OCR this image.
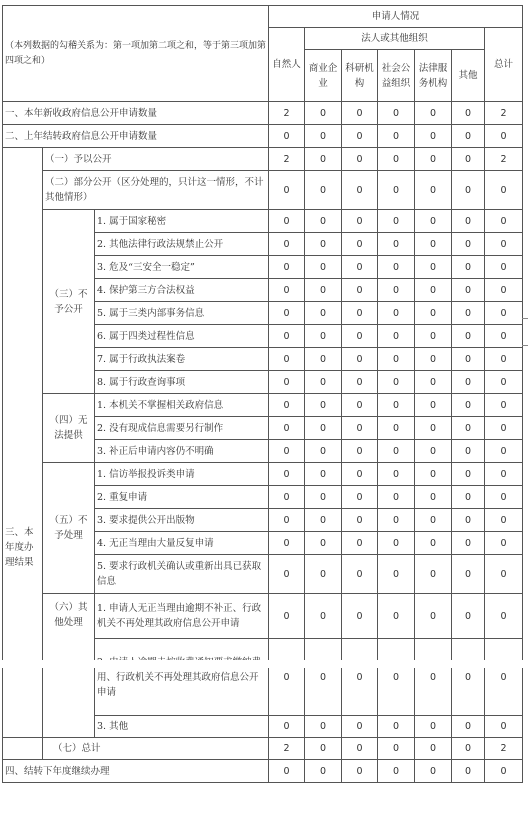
（本列数据的勾稽关系为：第一项加第二项之和，等于第三项加第四项之和）			申请人情况						
			自然人	法人或其他组织					总计
				商业企业	科研机构	社会公益组织	法律服务机构	其他	
一、本年新收政府信息公开申请数量			2	0	0	0	0	0	2
二、上年结转政府信息公开申请数量			0	0	0	0	0	0	0
三、本年度办理结果	（一）予以公开		2	0	0	0	0	0	2
	（二）部分公开（区分处理的，只计这一情形，不计其他情形）		0	0	0	0	0	0	0
	（三）不予公开	1. 属于国家秘密	0	0	0	0	0	0	0
		2. 其他法律行政法规禁止公开	0	0	0	0	0	0	0
		3. 危及“三安全一稳定”	0	0	0	0	0	0	0
		4. 保护第三方合法权益	0	0	0	0	0	0	0
		5. 属于三类内部事务信息	0	0	0	0	0	0	0
		6. 属于四类过程性信息	0	0	0	0	0	0	0
		7. 属于行政执法案卷	0	0	0	0	0	0	0
		8. 属于行政查询事项	0	0	0	0	0	0	0
	（四）无法提供	1. 本机关不掌握相关政府信息	0	0	0	0	0	0	0
		2. 没有现成信息需要另行制作	0	0	0	0	0	0	0
		3. 补正后申请内容仍不明确	0	0	0	0	0	0	0
	（五）不予处理	1. 信访举报投诉类申请	0	0	0	0	0	0	0
		2. 重复申请	0	0	0	0	0	0	0
		3. 要求提供公开出版物	0	0	0	0	0	0	0
		4. 无正当理由大量反复申请	0	0	0	0	0	0	0
		5. 要求行政机关确认或重新出具已获取信息	0	0	0	0	0	0	0
	（六）其他处理	1. 申请人无正当理由逾期不补正、行政机关不再处理其政府信息公开申请	0	0	0	0	0	0	0
		用、行政机关不再处理其政府信息公开申请	0	0	0	0	0	0	0
		3. 其他	0	0	0	0	0	0	0
	（七）总计		2	0	0	0	0	0	2
四、结转下年度继续办理			0	0	0	0	0	0	0
